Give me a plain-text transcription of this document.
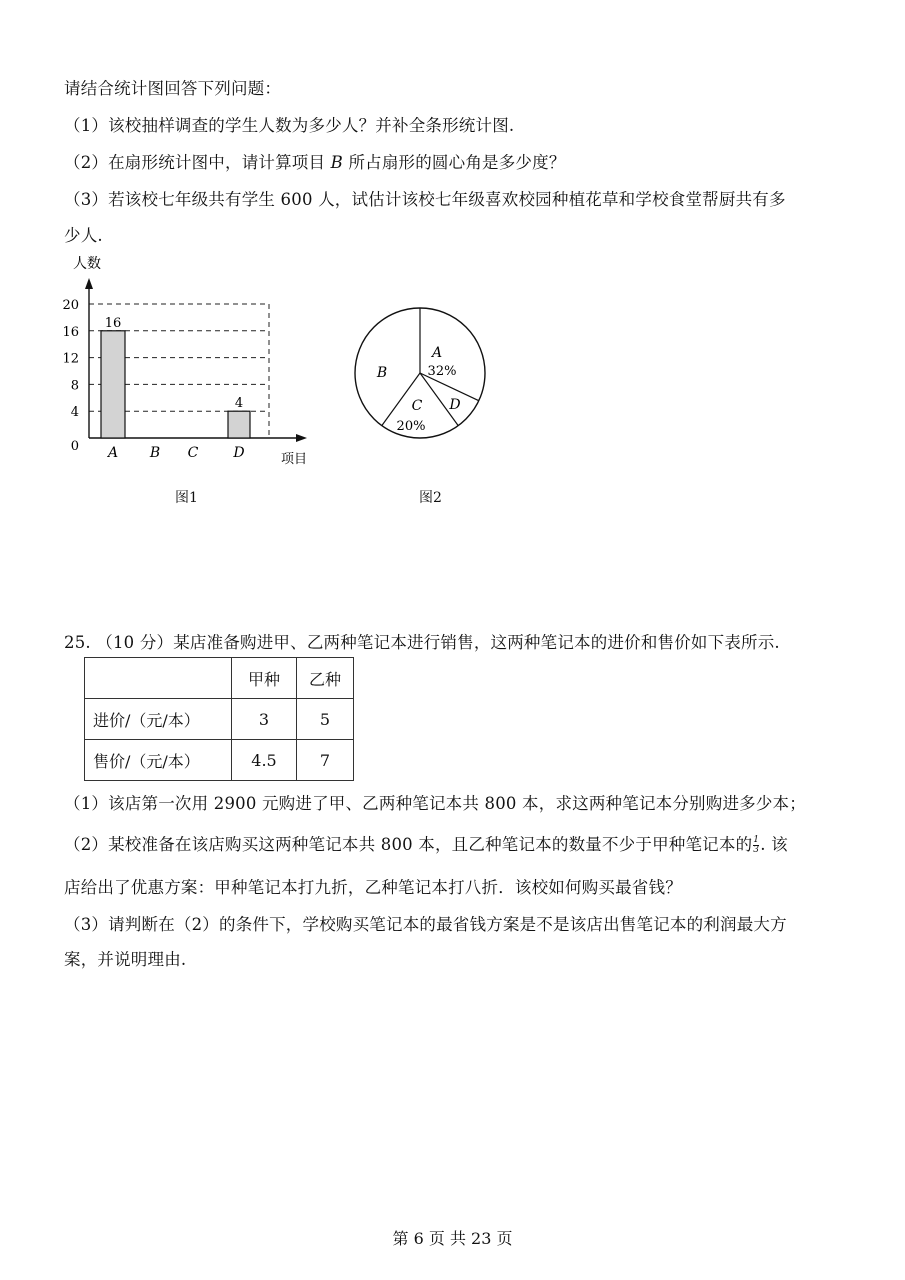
请结合统计图回答下列问题：
（1）该校抽样调查的学生人数为多少人？并补全条形统计图.
（2）在扇形统计图中，请计算项目 B 所占扇形的圆心角是多少度？
（3）若该校七年级共有学生 600 人，试估计该校七年级喜欢校园种植花草和学校食堂帮厨共有多
少人.
16
4
0
4
8
12
16
20
A B C	D
人数
项目
图1
A
32%
D
C
20%
B
图2
25. （10 分）某店准备购进甲、乙两种笔记本进行销售，这两种笔记本的进价和售价如下表所示.
	甲种	乙种
进价/（元/本）	3	5
售价/（元/本）	4.5	7
（1）该店第一次用 2900 元购进了甲、乙两种笔记本共 800 本，求这两种笔记本分别购进多少本；
（2）某校准备在该店购买这两种笔记本共 800 本，且乙种笔记本的数量不少于甲种笔记本的 $\frac{1}{3}$ . 该
店给出了优惠方案：甲种笔记本打九折，乙种笔记本打八折．该校如何购买最省钱？
（3）请判断在（2）的条件下，学校购买笔记本的最省钱方案是不是该店出售笔记本的利润最大方
案，并说明理由.
第 6 页 共 23 页
